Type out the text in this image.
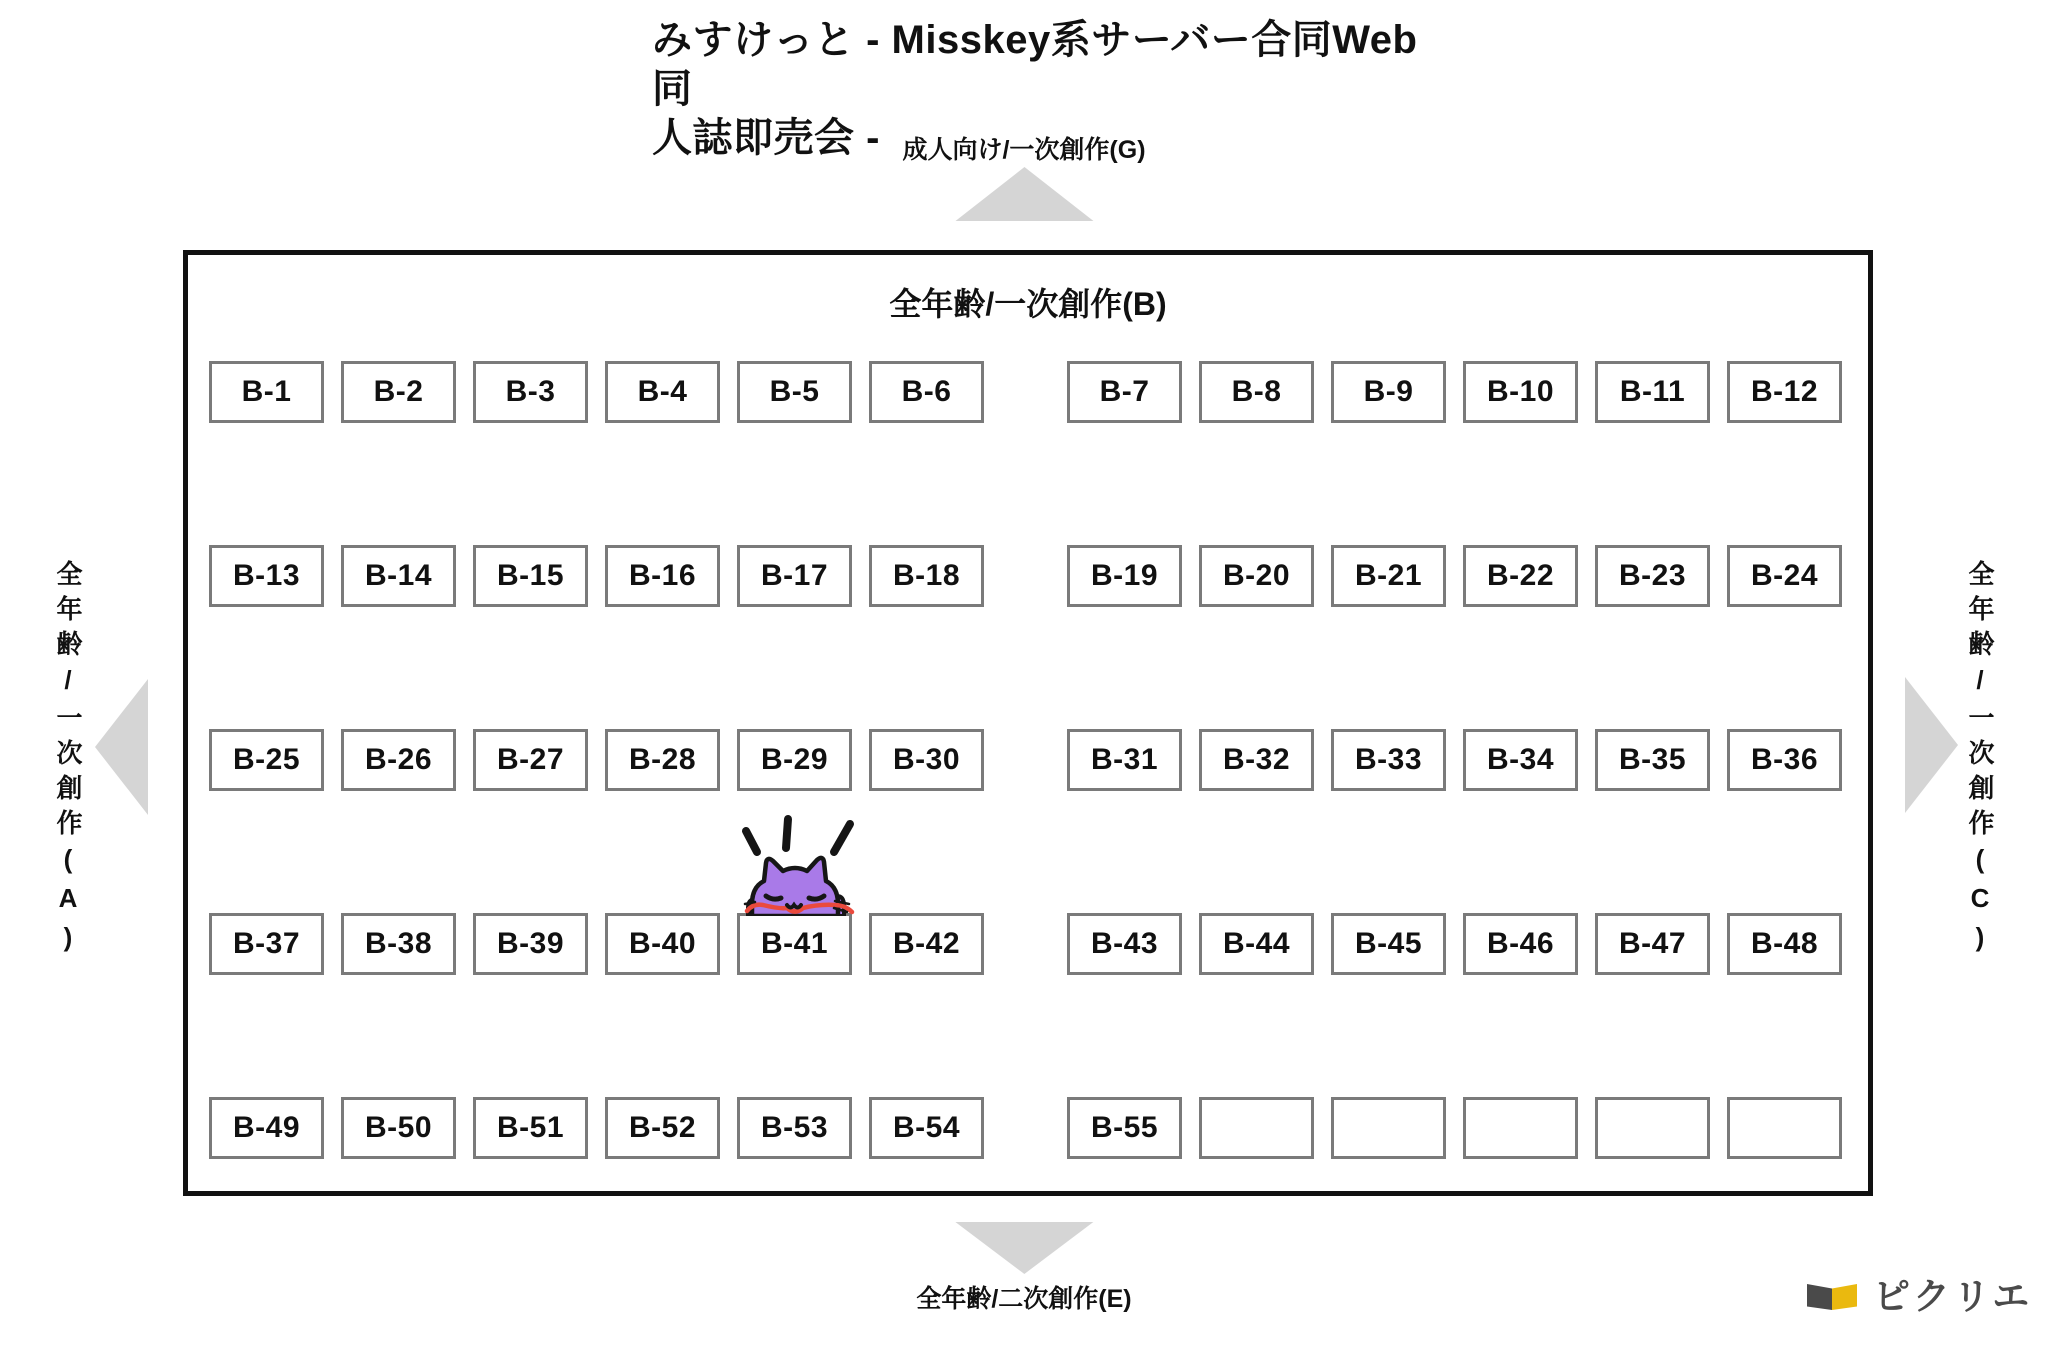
みすけっと - Misskey系サーバー合同Web同
人誌即売会 - 成人向け/一次創作(G)
全年齢/一次創作(A)	全年齢/一次創作(C)
全年齢/一次創作(B)
B-1	B-2	B-3	B-4	B-5	B-6	B-7	B-8	B-9	B-10	B-11	B-12
B-13	B-14	B-15	B-16	B-17	B-18	B-19	B-20	B-21	B-22	B-23	B-24
B-25	B-26	B-27	B-28	B-29	B-30	B-31	B-32	B-33	B-34	B-35	B-36
B-37	B-38	B-39	B-40	B-41	B-42	B-43	B-44	B-45	B-46	B-47	B-48
B-49	B-50	B-51	B-52	B-53	B-54	B-55
全年齢/二次創作(E)	ピクリエ
